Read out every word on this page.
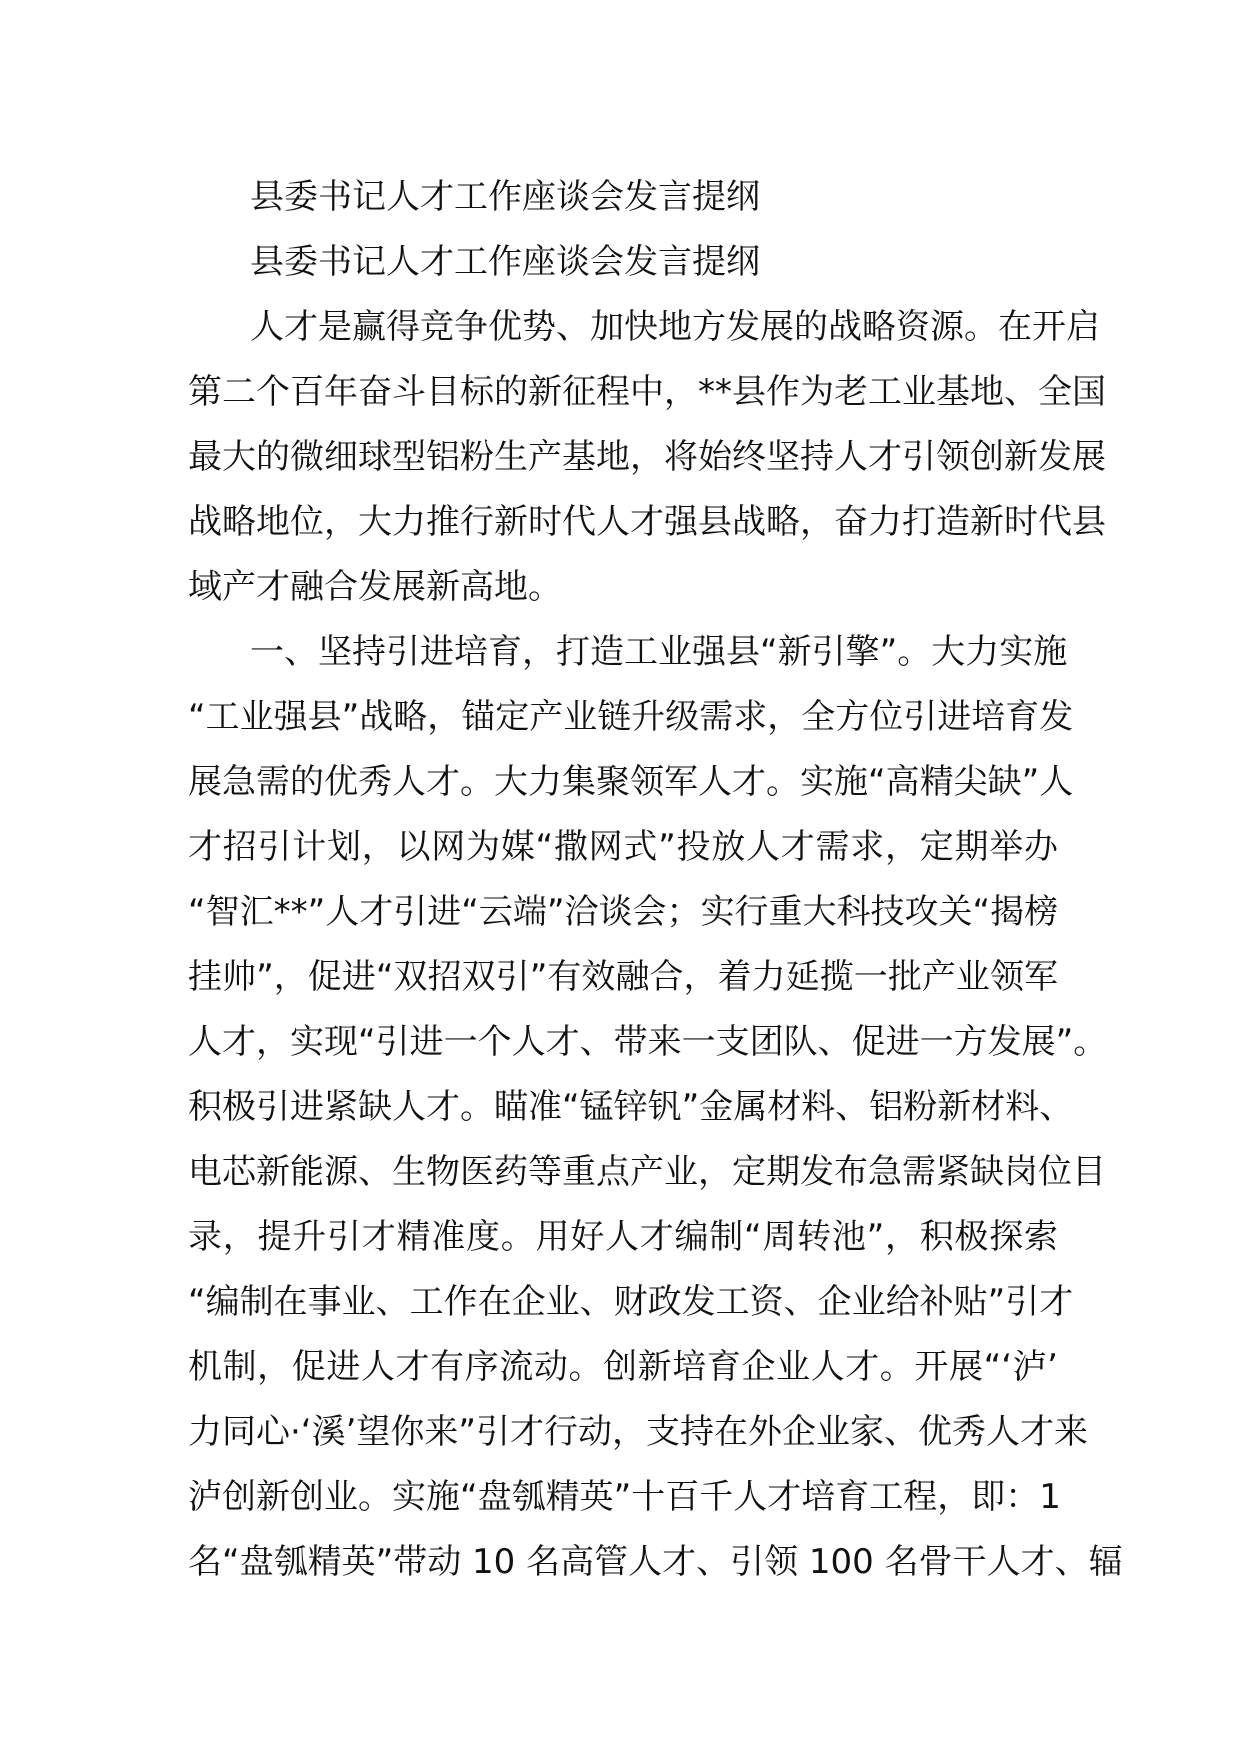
县委书记人才工作座谈会发言提纲
县委书记人才工作座谈会发言提纲
人才是赢得竞争优势、加快地方发展的战略资源。在开启
第二个百年奋斗目标的新征程中，**县作为老工业基地、全国
最大的微细球型铝粉生产基地，将始终坚持人才引领创新发展
战略地位，大力推行新时代人才强县战略，奋力打造新时代县
域产才融合发展新高地。
一、坚持引进培育，打造工业强县“新引擎”。大力实施
“工业强县”战略，锚定产业链升级需求，全方位引进培育发
展急需的优秀人才。大力集聚领军人才。实施“高精尖缺”人
才招引计划，以网为媒“撒网式”投放人才需求，定期举办
“智汇**”人才引进“云端”洽谈会；实行重大科技攻关“揭榜
挂帅”，促进“双招双引”有效融合，着力延揽一批产业领军
人才，实现“引进一个人才、带来一支团队、促进一方发展”。
积极引进紧缺人才。瞄准“锰锌钒”金属材料、铝粉新材料、
电芯新能源、生物医药等重点产业，定期发布急需紧缺岗位目
录，提升引才精准度。用好人才编制“周转池”，积极探索
“编制在事业、工作在企业、财政发工资、企业给补贴”引才
机制，促进人才有序流动。创新培育企业人才。开展“‘泸’
力同心·‘溪’望你来”引才行动，支持在外企业家、优秀人才来
泸创新创业。实施“盘瓠精英”十百千人才培育工程，即：1
名“盘瓠精英”带动 10 名高管人才、引领 100 名骨干人才、辐
